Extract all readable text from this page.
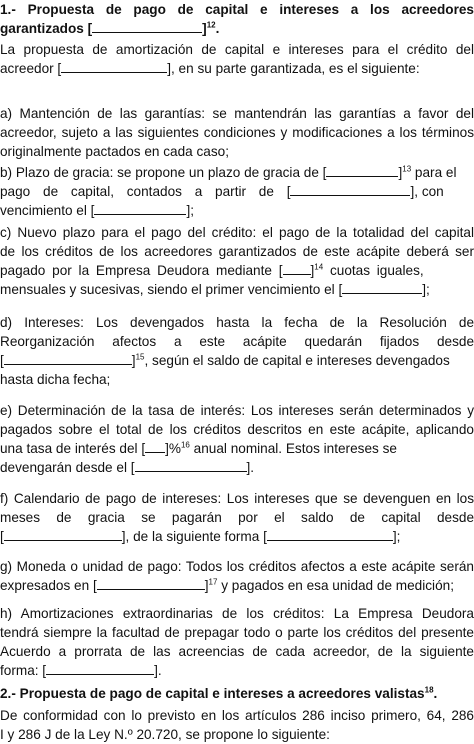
1.- Propuesta de pago de capital e intereses a los acreedores
garantizados [	]$^{12}$.
La propuesta de amortización de capital e intereses para el crédito del
acreedor [	], en su parte garantizada, es el siguiente:
a) Mantención de las garantías: se mantendrán las garantías a favor del
acreedor, sujeto a las siguientes condiciones y modificaciones a los términos
originalmente pactados en cada caso;
b) Plazo de gracia: se propone un plazo de gracia de [	]$^{13}$ para el
pago de capital, contados a partir de [	], con
vencimiento el [	];
c) Nuevo plazo para el pago del crédito: el pago de la totalidad del capital
de los créditos de los acreedores garantizados de este acápite deberá ser
pagado por la Empresa Deudora mediante [ ]$^{14}$ cuotas iguales,
mensuales y sucesivas, siendo el primer vencimiento el [	];
d) Intereses: Los devengados hasta la fecha de la Resolución de
Reorganización afectos a este acápite quedarán fijados desde
[	]$^{15}$, según el saldo de capital e intereses devengados
hasta dicha fecha;
e) Determinación de la tasa de interés: Los intereses serán determinados y
pagados sobre el total de los créditos descritos en este acápite, aplicando
una tasa de interés del [ ]%$^{16}$ anual nominal. Estos intereses se
devengarán desde el [	].
f) Calendario de pago de intereses: Los intereses que se devenguen en los
meses de gracia se pagarán por el saldo de capital desde
[	], de la siguiente forma [	];
g) Moneda o unidad de pago: Todos los créditos afectos a este acápite serán
expresados en [	]$^{17}$ y pagados en esa unidad de medición;
h) Amortizaciones extraordinarias de los créditos: La Empresa Deudora
tendrá siempre la facultad de prepagar todo o parte los créditos del presente
Acuerdo a prorrata de las acreencias de cada acreedor, de la siguiente
forma: [	].
2.- Propuesta de pago de capital e intereses a acreedores valistas$^{18}$.
De conformidad con lo previsto en los artículos 286 inciso primero, 64, 286
I y 286 J de la Ley N.º 20.720, se propone lo siguiente:
